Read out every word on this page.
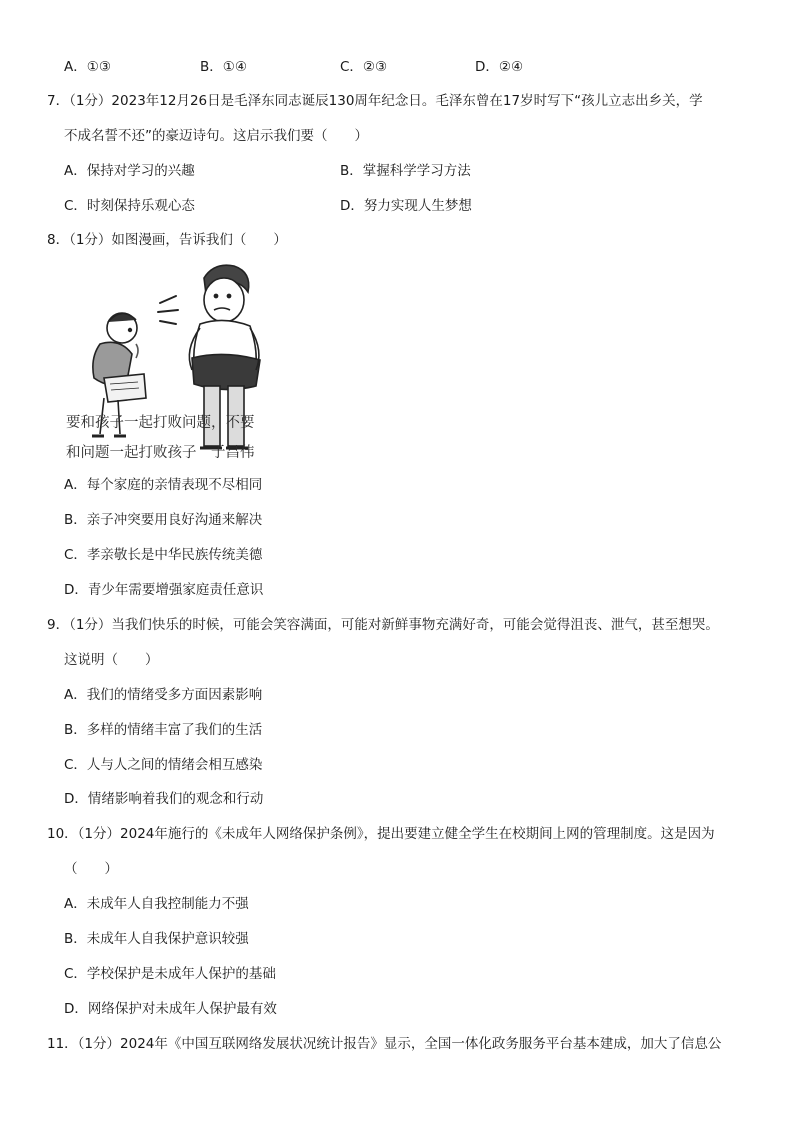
A．①③	B．①④	C．②③	D．②④
7．（1分）2023年12月26日是毛泽东同志诞辰130周年纪念日。毛泽东曾在17岁时写下“孩儿立志出乡关，学
不成名誓不还”的豪迈诗句。这启示我们要（　　）
A．保持对学习的兴趣	B．掌握科学学习方法
C．时刻保持乐观心态	D．努力实现人生梦想
8．（1分）如图漫画，告诉我们（　　）
要和孩子一起打败问题，不要
和问题一起打败孩子　于昌伟
A．每个家庭的亲情表现不尽相同
B．亲子冲突要用良好沟通来解决
C．孝亲敬长是中华民族传统美德
D．青少年需要增强家庭责任意识
9．（1分）当我们快乐的时候，可能会笑容满面，可能对新鲜事物充满好奇，可能会觉得沮丧、泄气，甚至想哭。
这说明（　　）
A．我们的情绪受多方面因素影响
B．多样的情绪丰富了我们的生活
C．人与人之间的情绪会相互感染
D．情绪影响着我们的观念和行动
10．（1分）2024年施行的《未成年人网络保护条例》，提出要建立健全学生在校期间上网的管理制度。这是因为
（　　）
A．未成年人自我控制能力不强
B．未成年人自我保护意识较强
C．学校保护是未成年人保护的基础
D．网络保护对未成年人保护最有效
11．（1分）2024年《中国互联网络发展状况统计报告》显示，全国一体化政务服务平台基本建成，加大了信息公
